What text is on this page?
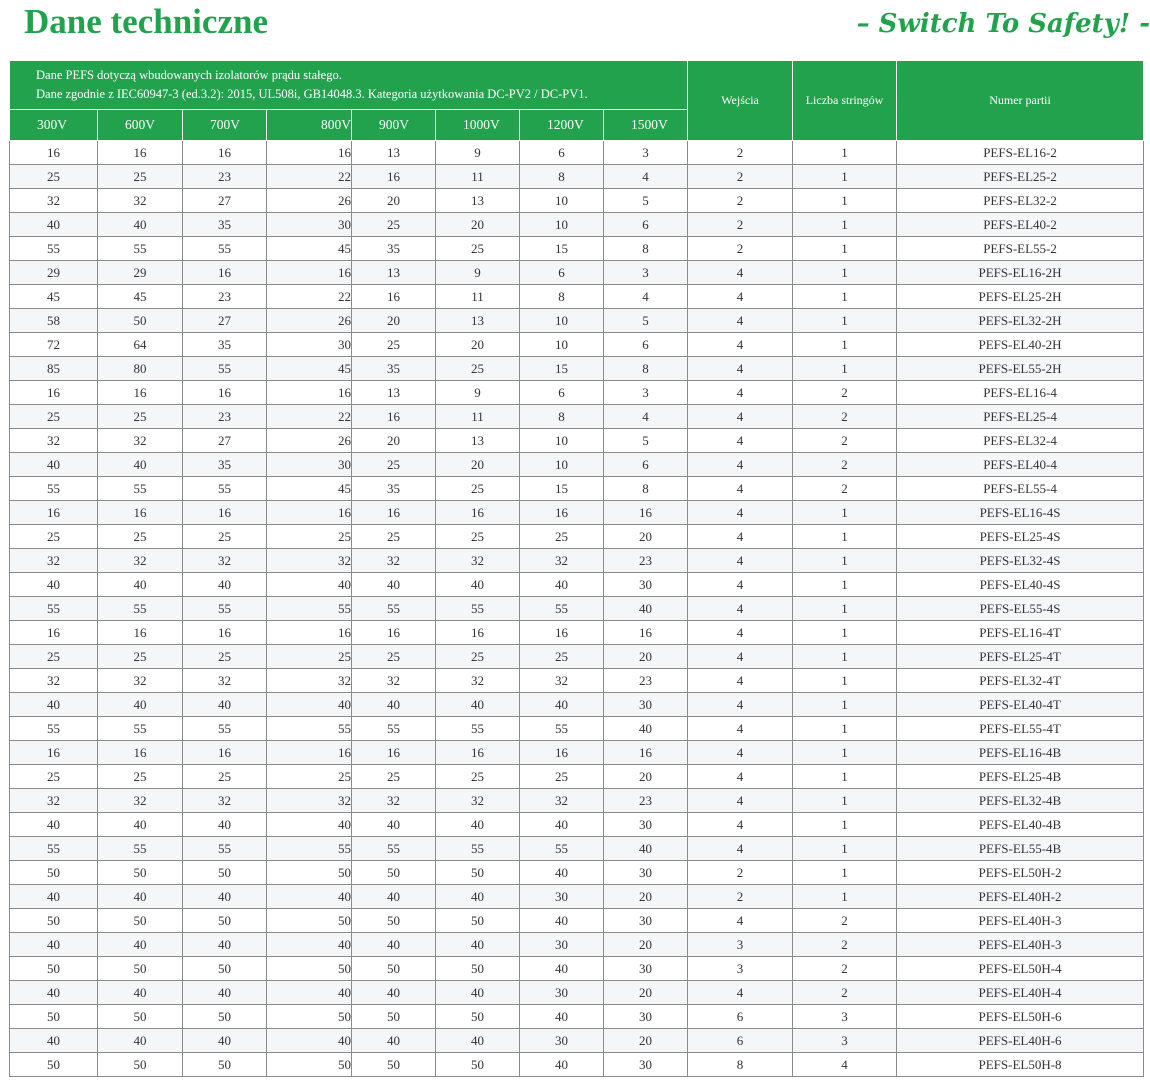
Dane techniczne	– Switch To Safety! -
Dane PEFS dotyczą wbudowanych izolatorów prądu stałego.
Dane zgodnie z IEC60947-3 (ed.3.2): 2015, UL508i, GB14048.3. Kategoria użytkowania DC-PV2 / DC-PV1.								Wejścia	Liczba stringów	Numer partii
300V	600V	700V	800V	900V	1000V	1200V	1500V			
16	16	16	16	13	9	6	3	2	1	PEFS-EL16-2
25	25	23	22	16	11	8	4	2	1	PEFS-EL25-2
32	32	27	26	20	13	10	5	2	1	PEFS-EL32-2
40	40	35	30	25	20	10	6	2	1	PEFS-EL40-2
55	55	55	45	35	25	15	8	2	1	PEFS-EL55-2
29	29	16	16	13	9	6	3	4	1	PEFS-EL16-2H
45	45	23	22	16	11	8	4	4	1	PEFS-EL25-2H
58	50	27	26	20	13	10	5	4	1	PEFS-EL32-2H
72	64	35	30	25	20	10	6	4	1	PEFS-EL40-2H
85	80	55	45	35	25	15	8	4	1	PEFS-EL55-2H
16	16	16	16	13	9	6	3	4	2	PEFS-EL16-4
25	25	23	22	16	11	8	4	4	2	PEFS-EL25-4
32	32	27	26	20	13	10	5	4	2	PEFS-EL32-4
40	40	35	30	25	20	10	6	4	2	PEFS-EL40-4
55	55	55	45	35	25	15	8	4	2	PEFS-EL55-4
16	16	16	16	16	16	16	16	4	1	PEFS-EL16-4S
25	25	25	25	25	25	25	20	4	1	PEFS-EL25-4S
32	32	32	32	32	32	32	23	4	1	PEFS-EL32-4S
40	40	40	40	40	40	40	30	4	1	PEFS-EL40-4S
55	55	55	55	55	55	55	40	4	1	PEFS-EL55-4S
16	16	16	16	16	16	16	16	4	1	PEFS-EL16-4T
25	25	25	25	25	25	25	20	4	1	PEFS-EL25-4T
32	32	32	32	32	32	32	23	4	1	PEFS-EL32-4T
40	40	40	40	40	40	40	30	4	1	PEFS-EL40-4T
55	55	55	55	55	55	55	40	4	1	PEFS-EL55-4T
16	16	16	16	16	16	16	16	4	1	PEFS-EL16-4B
25	25	25	25	25	25	25	20	4	1	PEFS-EL25-4B
32	32	32	32	32	32	32	23	4	1	PEFS-EL32-4B
40	40	40	40	40	40	40	30	4	1	PEFS-EL40-4B
55	55	55	55	55	55	55	40	4	1	PEFS-EL55-4B
50	50	50	50	50	50	40	30	2	1	PEFS-EL50H-2
40	40	40	40	40	40	30	20	2	1	PEFS-EL40H-2
50	50	50	50	50	50	40	30	4	2	PEFS-EL40H-3
40	40	40	40	40	40	30	20	3	2	PEFS-EL40H-3
50	50	50	50	50	50	40	30	3	2	PEFS-EL50H-4
40	40	40	40	40	40	30	20	4	2	PEFS-EL40H-4
50	50	50	50	50	50	40	30	6	3	PEFS-EL50H-6
40	40	40	40	40	40	30	20	6	3	PEFS-EL40H-6
50	50	50	50	50	50	40	30	8	4	PEFS-EL50H-8
